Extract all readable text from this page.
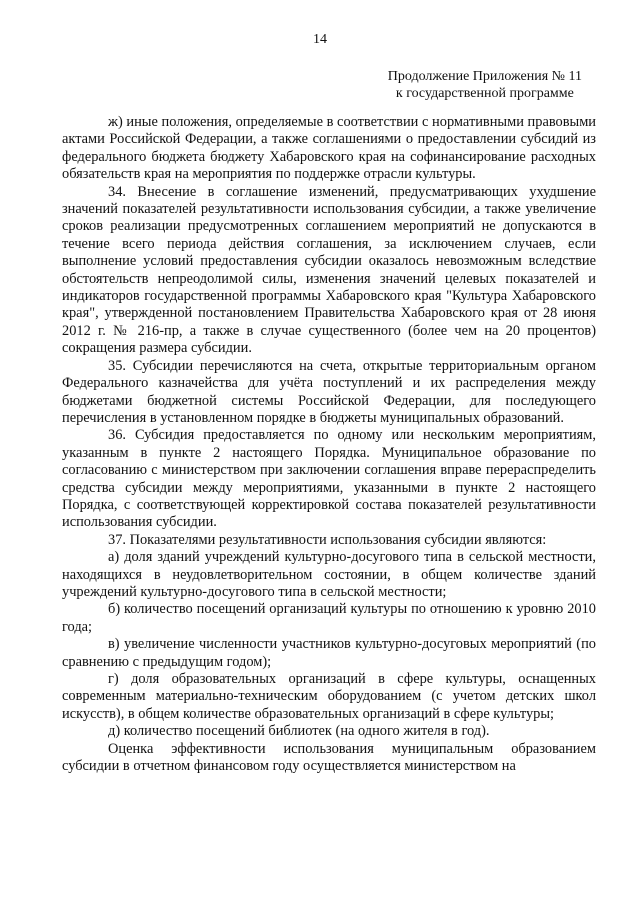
14
Продолжение Приложения № 11
к государственной программе

ж) иные положения, определяемые в соответствии с нормативными правовыми актами Российской Федерации, а также соглашениями о предоставлении субсидий из федерального бюджета бюджету Хабаровского края на софинансирование расходных обязательств края на мероприятия по поддержке отрасли культуры.

34. Внесение в соглашение изменений, предусматривающих ухудшение значений показателей результативности использования субсидии, а также увеличение сроков реализации предусмотренных соглашением мероприятий не допускаются в течение всего периода действия соглашения, за исключением случаев, если выполнение условий предоставления субсидии оказалось невозможным вследствие обстоятельств непреодолимой силы, изменения значений целевых показателей и индикаторов государственной программы Хабаровского края "Культура Хабаровского края", утвержденной постановлением Правительства Хабаровского края от 28 июня 2012 г. № 216-пр, а также в случае существенного (более чем на 20 процентов) сокращения размера субсидии.

35. Субсидии перечисляются на счета, открытые территориальным органом Федерального казначейства для учёта поступлений и их распределения между бюджетами бюджетной системы Российской Федерации, для последующего перечисления в установленном порядке в бюджеты муниципальных образований.

36. Субсидия предоставляется по одному или нескольким мероприятиям, указанным в пункте 2 настоящего Порядка. Муниципальное образование по согласованию с министерством при заключении соглашения вправе перераспределить средства субсидии между мероприятиями, указанными в пункте 2 настоящего Порядка, с соответствующей корректировкой состава показателей результативности использования субсидии.

37. Показателями результативности использования субсидии являются:

а) доля зданий учреждений культурно-досугового типа в сельской местности, находящихся в неудовлетворительном состоянии, в общем количестве зданий учреждений культурно-досугового типа в сельской местности;

б) количество посещений организаций культуры по отношению к уровню 2010 года;

в) увеличение численности участников культурно-досуговых мероприятий (по сравнению с предыдущим годом);

г) доля образовательных организаций в сфере культуры, оснащенных современным материально-техническим оборудованием (с учетом детских школ искусств), в общем количестве образовательных организаций в сфере культуры;

д) количество посещений библиотек (на одного жителя в год).

Оценка эффективности использования муниципальным образованием субсидии в отчетном финансовом году осуществляется министерством на
